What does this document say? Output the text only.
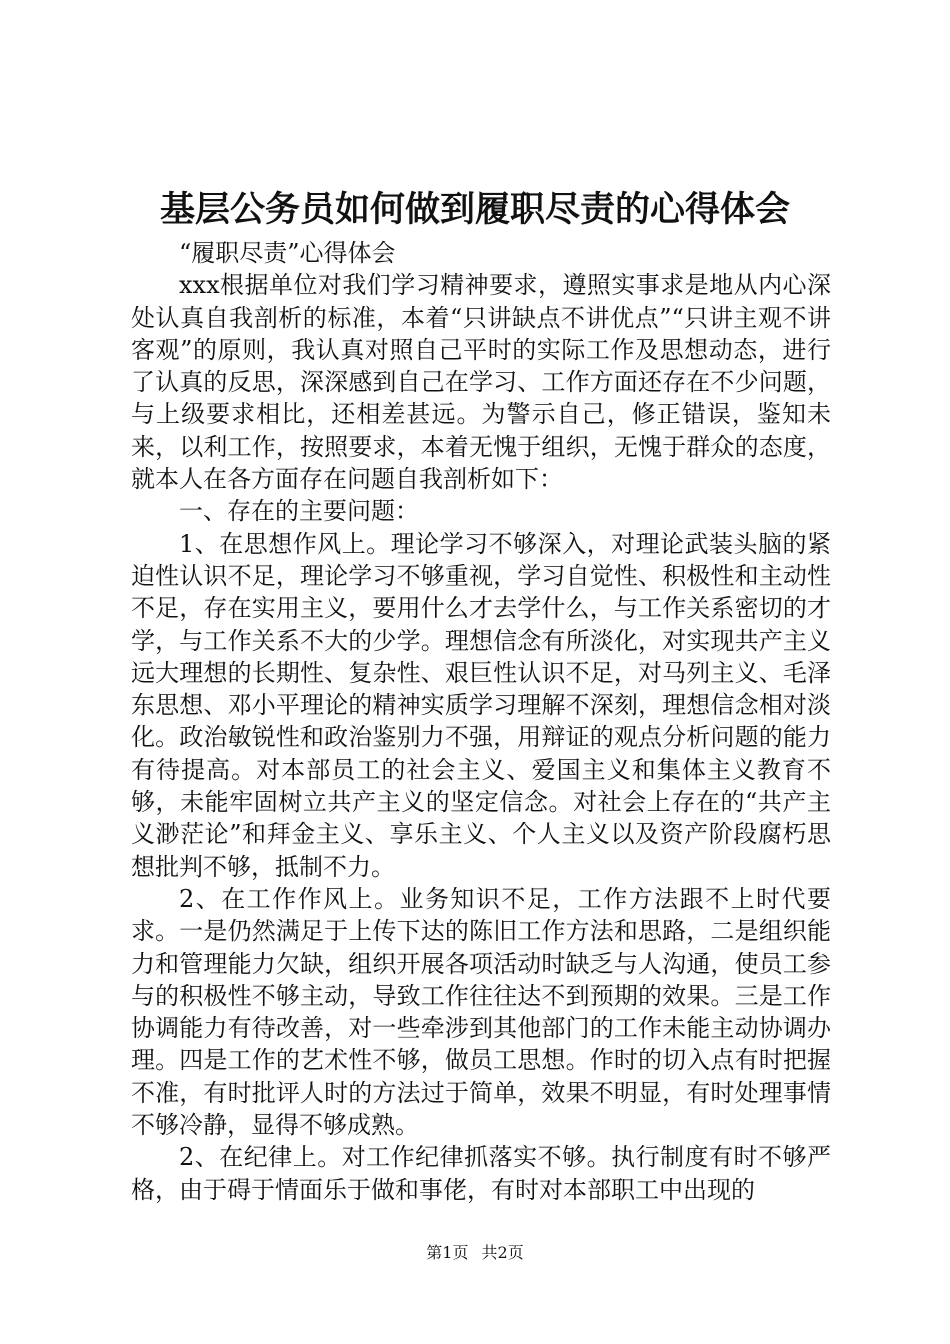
基层公务员如何做到履职尽责的心得体会

“履职尽责”心得体会

xxx根据单位对我们学习精神要求，遵照实事求是地从内心深处认真自我剖析的标准，本着“只讲缺点不讲优点”“只讲主观不讲客观”的原则，我认真对照自己平时的实际工作及思想动态，进行了认真的反思，深深感到自己在学习、工作方面还存在不少问题，与上级要求相比，还相差甚远。为警示自己，修正错误，鉴知未来，以利工作，按照要求，本着无愧于组织，无愧于群众的态度，就本人在各方面存在问题自我剖析如下：

一、存在的主要问题：

1、在思想作风上。理论学习不够深入，对理论武装头脑的紧迫性认识不足，理论学习不够重视，学习自觉性、积极性和主动性不足，存在实用主义，要用什么才去学什么，与工作关系密切的才学，与工作关系不大的少学。理想信念有所淡化，对实现共产主义远大理想的长期性、复杂性、艰巨性认识不足，对马列主义、毛泽东思想、邓小平理论的精神实质学习理解不深刻，理想信念相对淡化。政治敏锐性和政治鉴别力不强，用辩证的观点分析问题的能力有待提高。对本部员工的社会主义、爱国主义和集体主义教育不够，未能牢固树立共产主义的坚定信念。对社会上存在的“共产主义渺茫论”和拜金主义、享乐主义、个人主义以及资产阶段腐朽思想批判不够，抵制不力。

2、在工作作风上。业务知识不足，工作方法跟不上时代要求。一是仍然满足于上传下达的陈旧工作方法和思路，二是组织能力和管理能力欠缺，组织开展各项活动时缺乏与人沟通，使员工参与的积极性不够主动，导致工作往往达不到预期的效果。三是工作协调能力有待改善，对一些牵涉到其他部门的工作未能主动协调办理。四是工作的艺术性不够，做员工思想。作时的切入点有时把握不准，有时批评人时的方法过于简单，效果不明显，有时处理事情不够冷静，显得不够成熟。

2、在纪律上。对工作纪律抓落实不够。执行制度有时不够严格，由于碍于情面乐于做和事佬，有时对本部职工中出现的

第1页 共2页
